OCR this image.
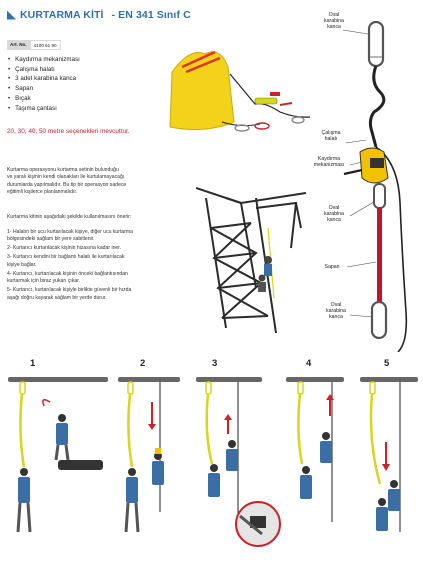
KURTARMA KİTİ - EN 341 Sınıf C
Art. No.	4100 61 90
• Kaydırma mekanizması
• Çalışma halatı
• 3 adet karabina kanca
• Sapan
• Bıçak
• Taşıma çantası
20, 30, 40, 50 metre seçenekleri mevcuttur.
Kurtarma operasyonu kurtarma setinin bulunduğu
ve yaralı kişinin kendi olanakları ile kurtulamayacağı
durumlarda yapılmalıdır. Bu tip bir operasyon sadece
eğitimli kişilerce planlanmalıdır.
Kurtarma kitinin aşağıdaki şekilde kullanılmasını önerir:
1- Halatın bir ucu kurtarılacak kişiye, diğer ucu kurtarma
bölgesindeki sağlam bir yere sabitlenir.
2- Kurtarıcı kurtarılacak kişinin hizasına kadar iner.
3- Kurtarıcı kendini bir bağlantı halatı ile kurtarılacak
kişiye bağlar.
4- Kurtarıcı, kurtarılacak kişinin önceki bağlantısından
kurtarmak için biraz yukarı çıkar.
5- Kurtarıcı, kurtarılacak kişiyle birlikte güvenli bir hızda
aşağı doğru kayarak sağlam bir yerde durur.
Oval
karabina
kanca
Çalışma
halatı
Kaydırma
mekanizması
Oval
karabina
kanca
Sapan
Oval
karabina
kanca
1	2	3	4	5
